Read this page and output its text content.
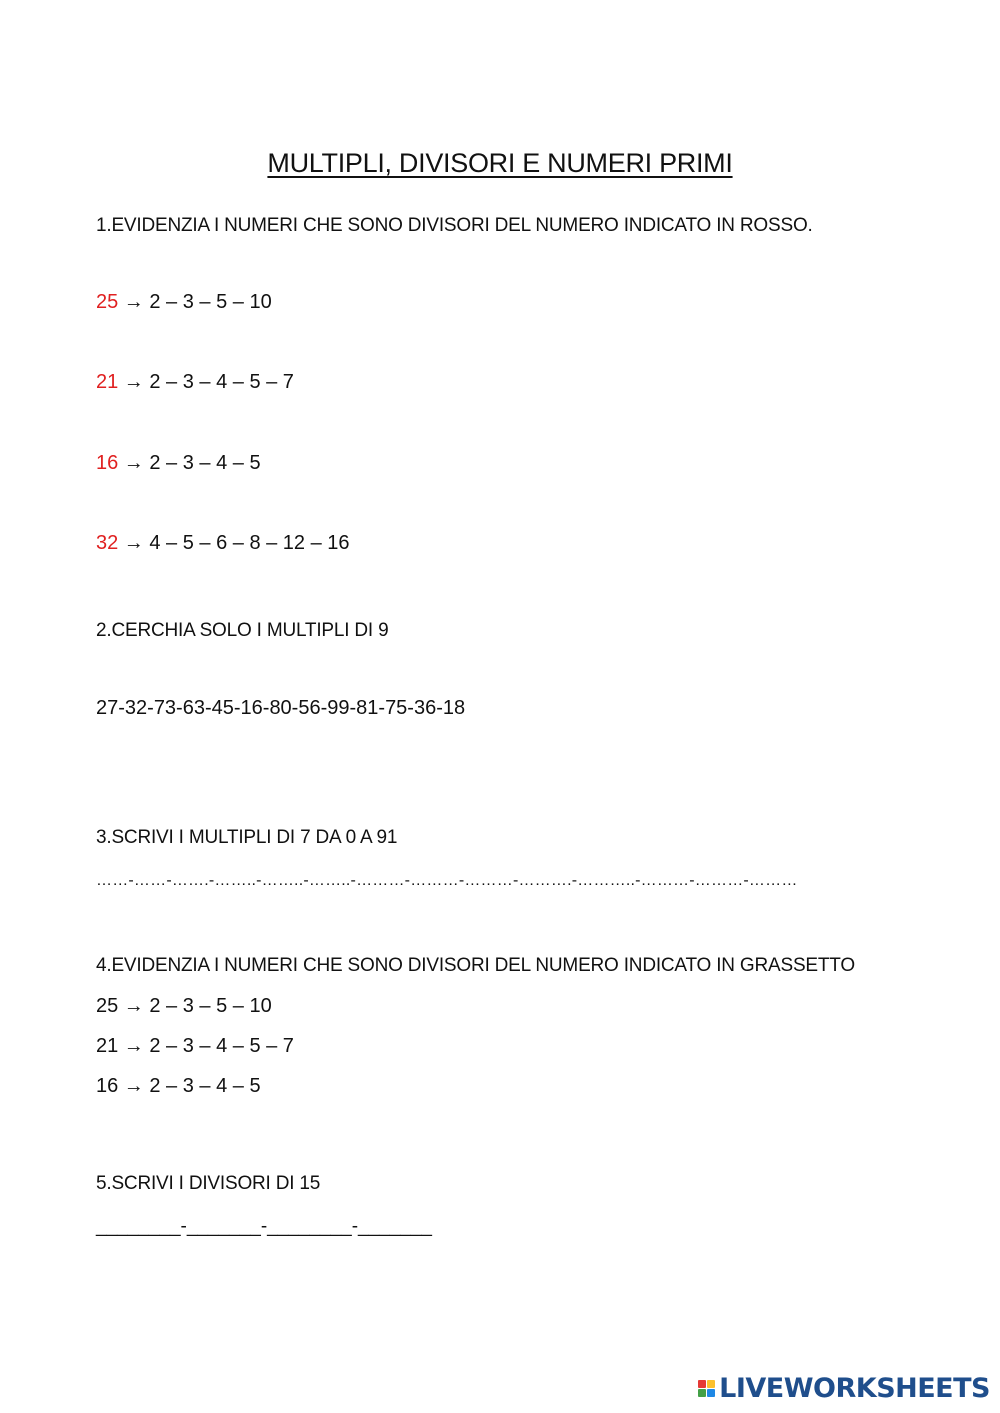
MULTIPLI, DIVISORI E NUMERI PRIMI
1.EVIDENZIA I NUMERI CHE SONO DIVISORI DEL NUMERO INDICATO IN ROSSO.
25 → 2 – 3 – 5 – 10
21 → 2 – 3 – 4 – 5 – 7
16 → 2 – 3 – 4 – 5
32 → 4 – 5 – 6 – 8 – 12 – 16
2.CERCHIA SOLO I MULTIPLI DI 9
27-32-73-63-45-16-80-56-99-81-75-36-18
3.SCRIVI I MULTIPLI DI 7 DA 0 A 91
……-……-…….-……..-……..-……..-………-………-………-……….-………..-………-………-………
4.EVIDENZIA I NUMERI CHE SONO DIVISORI DEL NUMERO INDICATO IN GRASSETTO
25 → 2 – 3 – 5 – 10
21 → 2 – 3 – 4 – 5 – 7
16 → 2 – 3 – 4 – 5
5.SCRIVI I DIVISORI DI 15
________-_______-________-_______
LIVEWORKSHEETS
